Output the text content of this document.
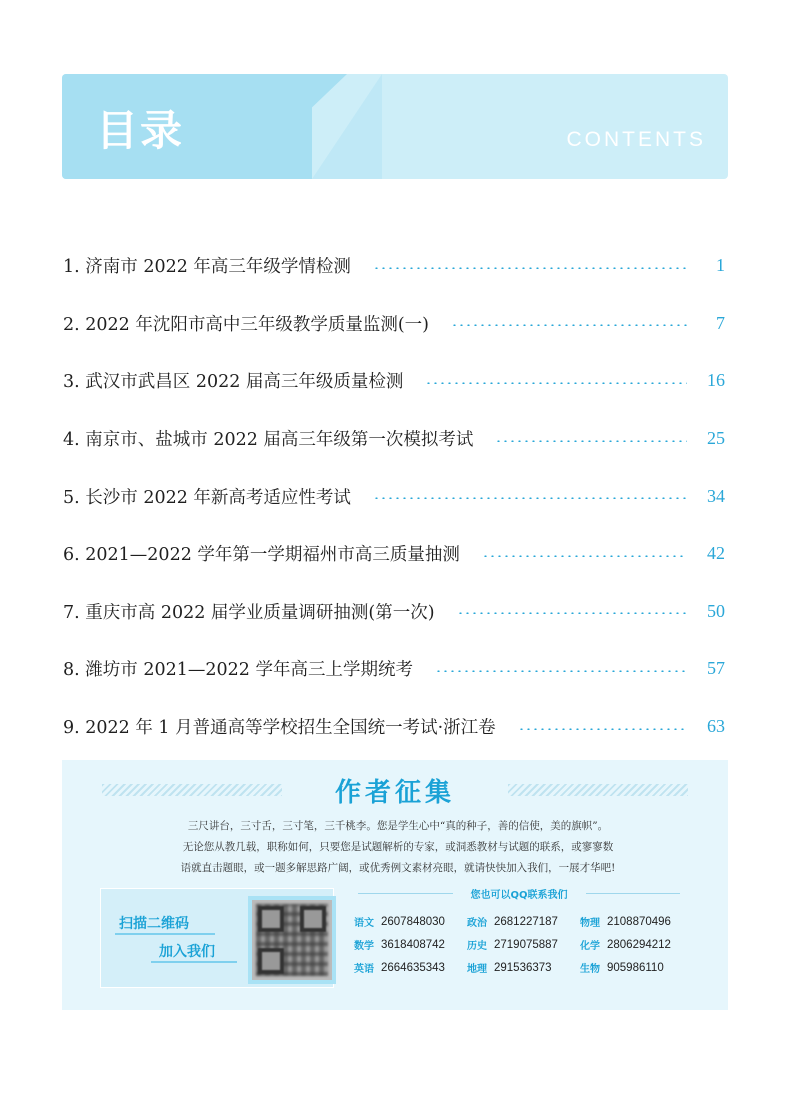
目录	CONTENTS
1. 济南市 2022 年高三年级学情检测	1
2. 2022 年沈阳市高中三年级教学质量监测(一)	7
3. 武汉市武昌区 2022 届高三年级质量检测	16
4. 南京市、盐城市 2022 届高三年级第一次模拟考试	25
5. 长沙市 2022 年新高考适应性考试	34
6. 2021—2022 学年第一学期福州市高三质量抽测	42
7. 重庆市高 2022 届学业质量调研抽测(第一次)	50
8. 潍坊市 2021—2022 学年高三上学期统考	57
9. 2022 年 1 月普通高等学校招生全国统一考试·浙江卷	63
作者征集
三尺讲台，三寸舌，三寸笔，三千桃李。您是学生心中“真的种子，善的信使，美的旗帜”。
无论您从教几载，职称如何，只要您是试题解析的专家，或洞悉教材与试题的联系，或寥寥数
语就直击题眼，或一题多解思路广阔，或优秀例文素材亮眼，就请快快加入我们，一展才华吧!
扫描二维码
加入我们
您也可以QQ联系我们
语文 2607848030 政治 2681227187 物理 2108870496
数学 3618408742 历史 2719075887 化学 2806294212
英语 2664635343 地理 291536373	生物 905986110
